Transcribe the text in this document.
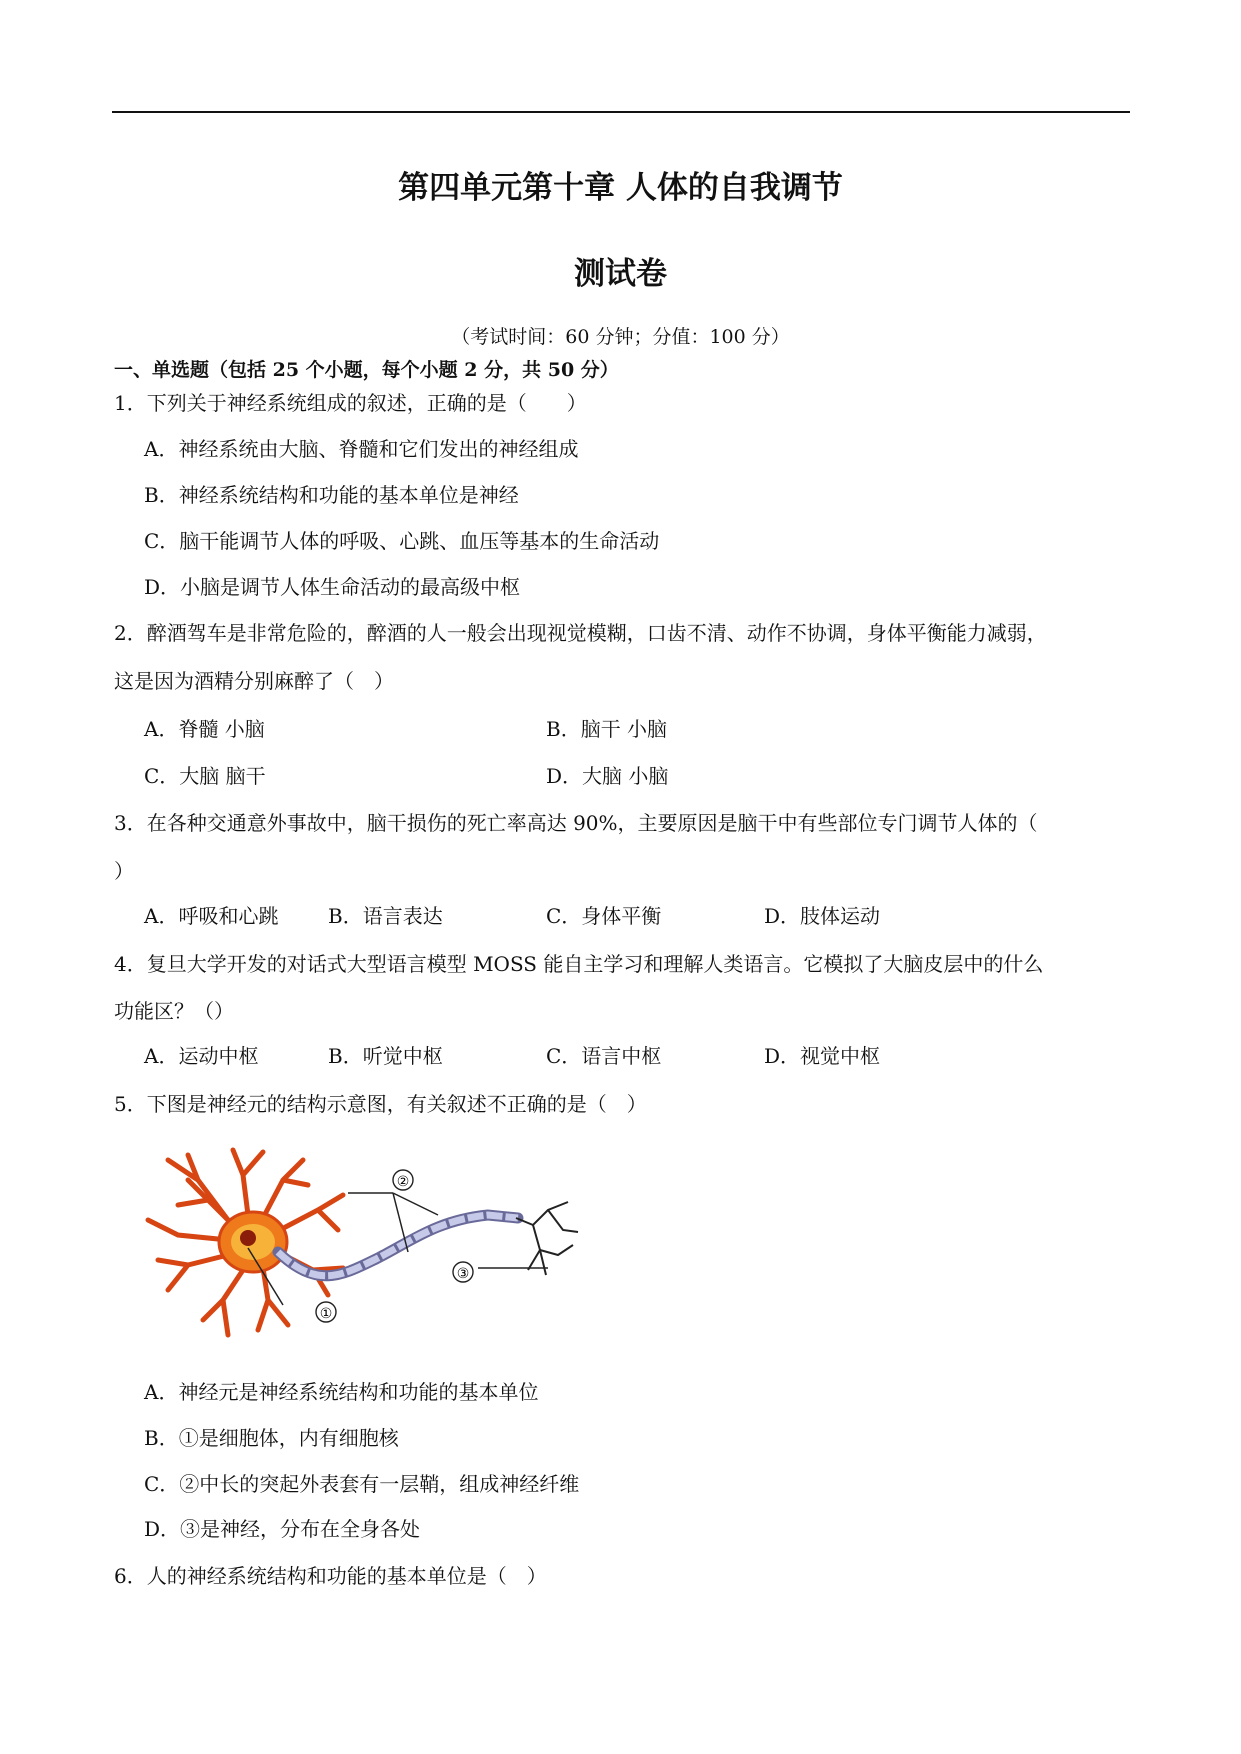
第四单元第十章 人体的自我调节
测试卷
（考试时间：60 分钟；分值：100 分）
一、单选题（包括 25 个小题，每个小题 2 分，共 50 分）
1．下列关于神经系统组成的叙述，正确的是（　　）
A．神经系统由大脑、脊髓和它们发出的神经组成
B．神经系统结构和功能的基本单位是神经
C．脑干能调节人体的呼吸、心跳、血压等基本的生命活动
D．小脑是调节人体生命活动的最高级中枢
2．醉酒驾车是非常危险的，醉酒的人一般会出现视觉模糊，口齿不清、动作不协调，身体平衡能力减弱，
这是因为酒精分别麻醉了（　）
A．脊髓 小脑	B．脑干 小脑
C．大脑 脑干	D．大脑 小脑
3．在各种交通意外事故中，脑干损伤的死亡率高达 90%，主要原因是脑干中有些部位专门调节人体的（
）
A．呼吸和心跳 B．语言表达	C．身体平衡	D．肢体运动
4．复旦大学开发的对话式大型语言模型 MOSS 能自主学习和理解人类语言。它模拟了大脑皮层中的什么
功能区？（）
A．运动中枢	B．听觉中枢	C．语言中枢	D．视觉中枢
5．下图是神经元的结构示意图，有关叙述不正确的是（　）
①
②
③
A．神经元是神经系统结构和功能的基本单位
B．①是细胞体，内有细胞核
C．②中长的突起外表套有一层鞘，组成神经纤维
D．③是神经，分布在全身各处
6．人的神经系统结构和功能的基本单位是（　）
